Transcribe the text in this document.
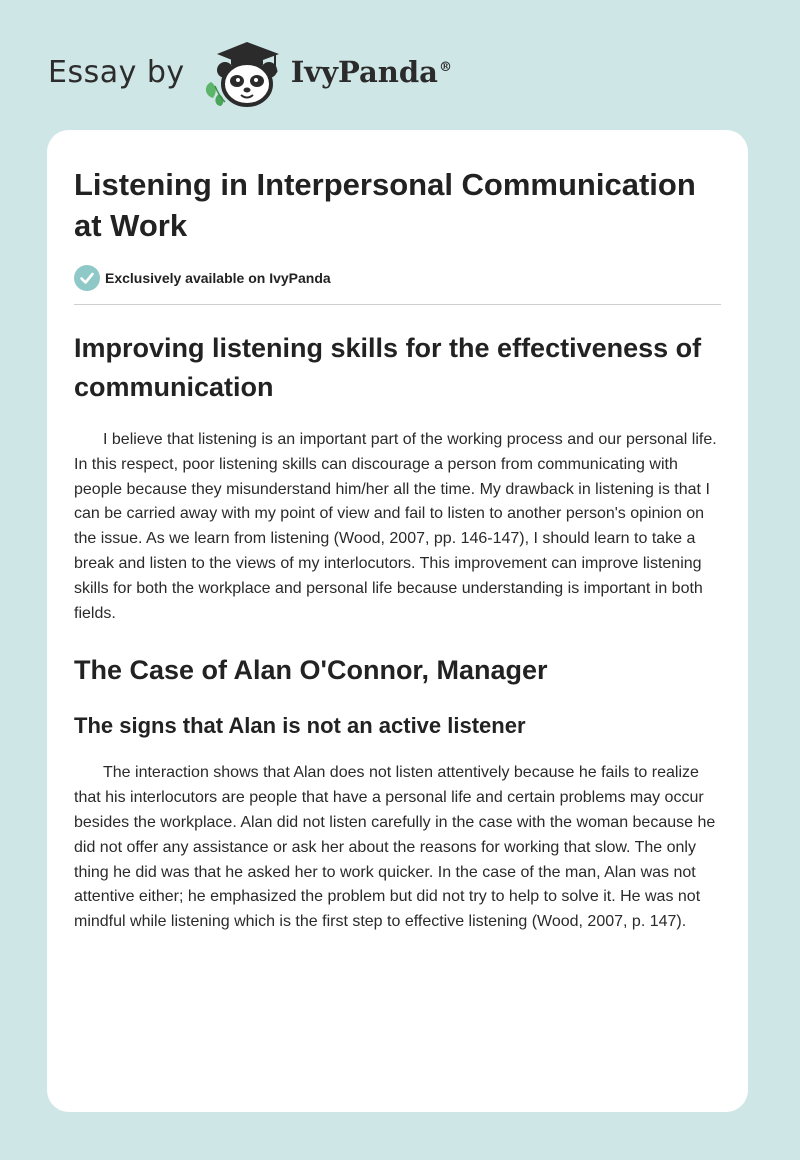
Essay by	IvyPanda®
Listening in Interpersonal Communication at Work
Exclusively available on IvyPanda
Improving listening skills for the effectiveness of communication

I believe that listening is an important part of the working process and our personal life. In this respect, poor listening skills can discourage a person from communicating with people because they misunderstand him/her all the time. My drawback in listening is that I can be carried away with my point of view and fail to listen to another person's opinion on the issue. As we learn from listening (Wood, 2007, pp. 146-147), I should learn to take a break and listen to the views of my interlocutors. This improvement can improve listening skills for both the workplace and personal life because understanding is important in both fields.

The Case of Alan O'Connor, Manager
The signs that Alan is not an active listener

The interaction shows that Alan does not listen attentively because he fails to realize that his interlocutors are people that have a personal life and certain problems may occur besides the workplace. Alan did not listen carefully in the case with the woman because he did not offer any assistance or ask her about the reasons for working that slow. The only thing he did was that he asked her to work quicker. In the case of the man, Alan was not attentive either; he emphasized the problem but did not try to help to solve it. He was not mindful while listening which is the first step to effective listening (Wood, 2007, p. 147).
